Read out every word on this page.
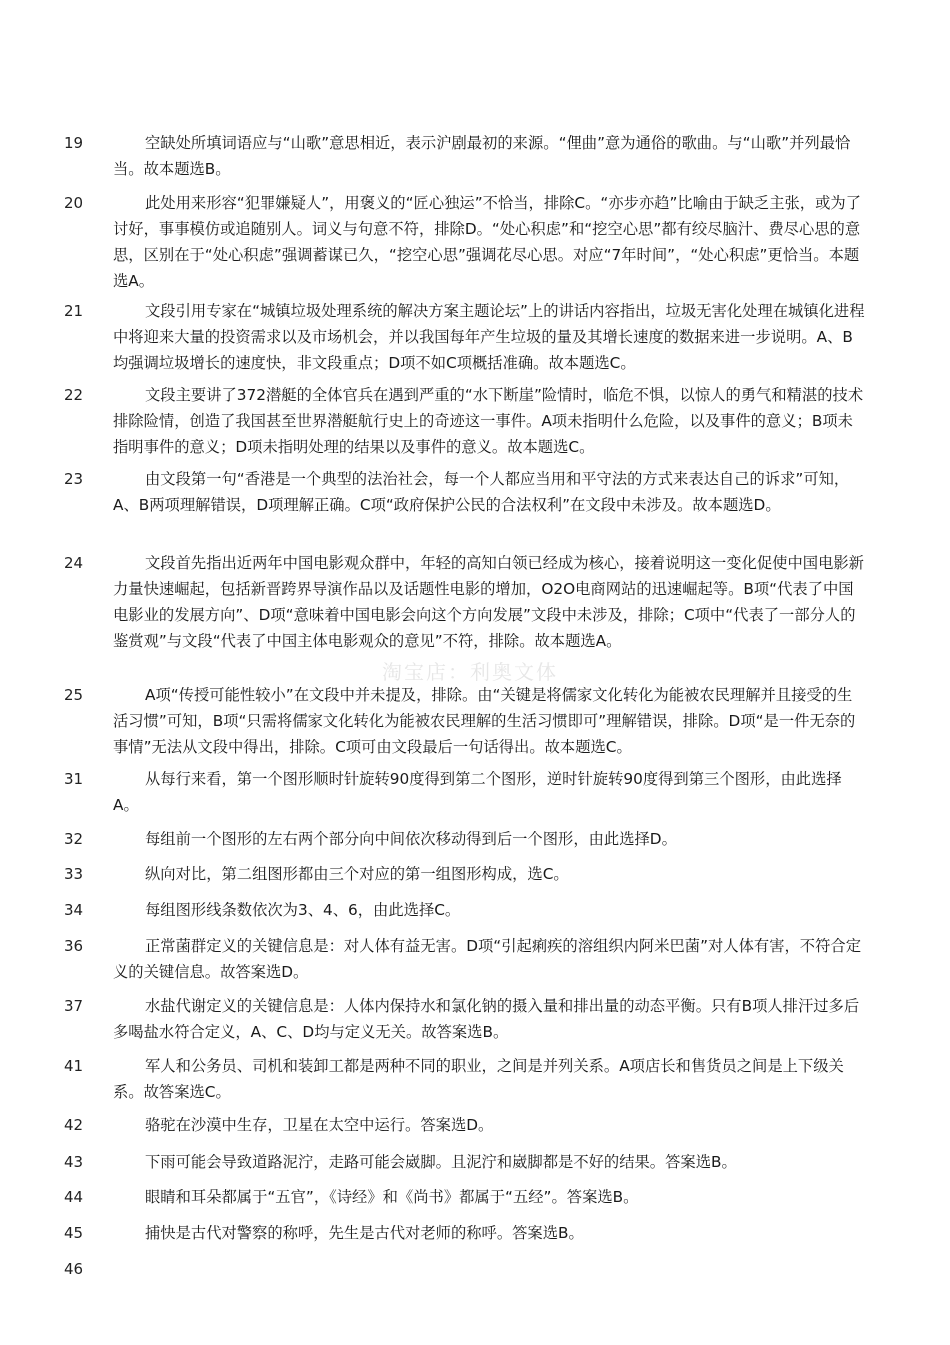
19	空缺处所填词语应与“山歌”意思相近，表示沪剧最初的来源。“俚曲”意为通俗的歌曲。与“山歌”并列最恰当。故本题选B。
20	此处用来形容“犯罪嫌疑人”，用褒义的“匠心独运”不恰当，排除C。“亦步亦趋”比喻由于缺乏主张，或为了讨好，事事模仿或追随别人。词义与句意不符，排除D。“处心积虑”和“挖空心思”都有绞尽脑汁、费尽心思的意思，区别在于“处心积虑”强调蓄谋已久，“挖空心思”强调花尽心思。对应“7年时间”，“处心积虑”更恰当。本题选A。
21	文段引用专家在“城镇垃圾处理系统的解决方案主题论坛”上的讲话内容指出，垃圾无害化处理在城镇化进程中将迎来大量的投资需求以及市场机会，并以我国每年产生垃圾的量及其增长速度的数据来进一步说明。A、B均强调垃圾增长的速度快，非文段重点；D项不如C项概括准确。故本题选C。
22	文段主要讲了372潜艇的全体官兵在遇到严重的“水下断崖”险情时，临危不惧，以惊人的勇气和精湛的技术排除险情，创造了我国甚至世界潜艇航行史上的奇迹这一事件。A项未指明什么危险，以及事件的意义；B项未指明事件的意义；D项未指明处理的结果以及事件的意义。故本题选C。
23	由文段第一句“香港是一个典型的法治社会，每一个人都应当用和平守法的方式来表达自己的诉求”可知，A、B两项理解错误，D项理解正确。C项“政府保护公民的合法权利”在文段中未涉及。故本题选D。
24	文段首先指出近两年中国电影观众群中，年轻的高知白领已经成为核心，接着说明这一变化促使中国电影新力量快速崛起，包括新晋跨界导演作品以及话题性电影的增加，O2O电商网站的迅速崛起等。B项“代表了中国电影业的发展方向”、D项“意味着中国电影会向这个方向发展”文段中未涉及，排除；C项中“代表了一部分人的鉴赏观”与文段“代表了中国主体电影观众的意见”不符，排除。故本题选A。
25	A项“传授可能性较小”在文段中并未提及，排除。由“关键是将儒家文化转化为能被农民理解并且接受的生活习惯”可知，B项“只需将儒家文化转化为能被农民理解的生活习惯即可”理解错误，排除。D项“是一件无奈的事情”无法从文段中得出，排除。C项可由文段最后一句话得出。故本题选C。
31	从每行来看，第一个图形顺时针旋转90度得到第二个图形，逆时针旋转90度得到第三个图形，由此选择A。
32	每组前一个图形的左右两个部分向中间依次移动得到后一个图形，由此选择D。
33	纵向对比，第二组图形都由三个对应的第一组图形构成，选C。
34	每组图形线条数依次为3、4、6，由此选择C。
36	正常菌群定义的关键信息是：对人体有益无害。D项“引起痢疾的溶组织内阿米巴菌”对人体有害，不符合定义的关键信息。故答案选D。
37	水盐代谢定义的关键信息是：人体内保持水和氯化钠的摄入量和排出量的动态平衡。只有B项人排汗过多后多喝盐水符合定义，A、C、D均与定义无关。故答案选B。
41	军人和公务员、司机和装卸工都是两种不同的职业，之间是并列关系。A项店长和售货员之间是上下级关系。故答案选C。
42	骆驼在沙漠中生存，卫星在太空中运行。答案选D。
43	下雨可能会导致道路泥泞，走路可能会崴脚。且泥泞和崴脚都是不好的结果。答案选B。
44	眼睛和耳朵都属于“五官”，《诗经》和《尚书》都属于“五经”。答案选B。
45	捕快是古代对警察的称呼，先生是古代对老师的称呼。答案选B。
46
淘宝店：利奥文体
